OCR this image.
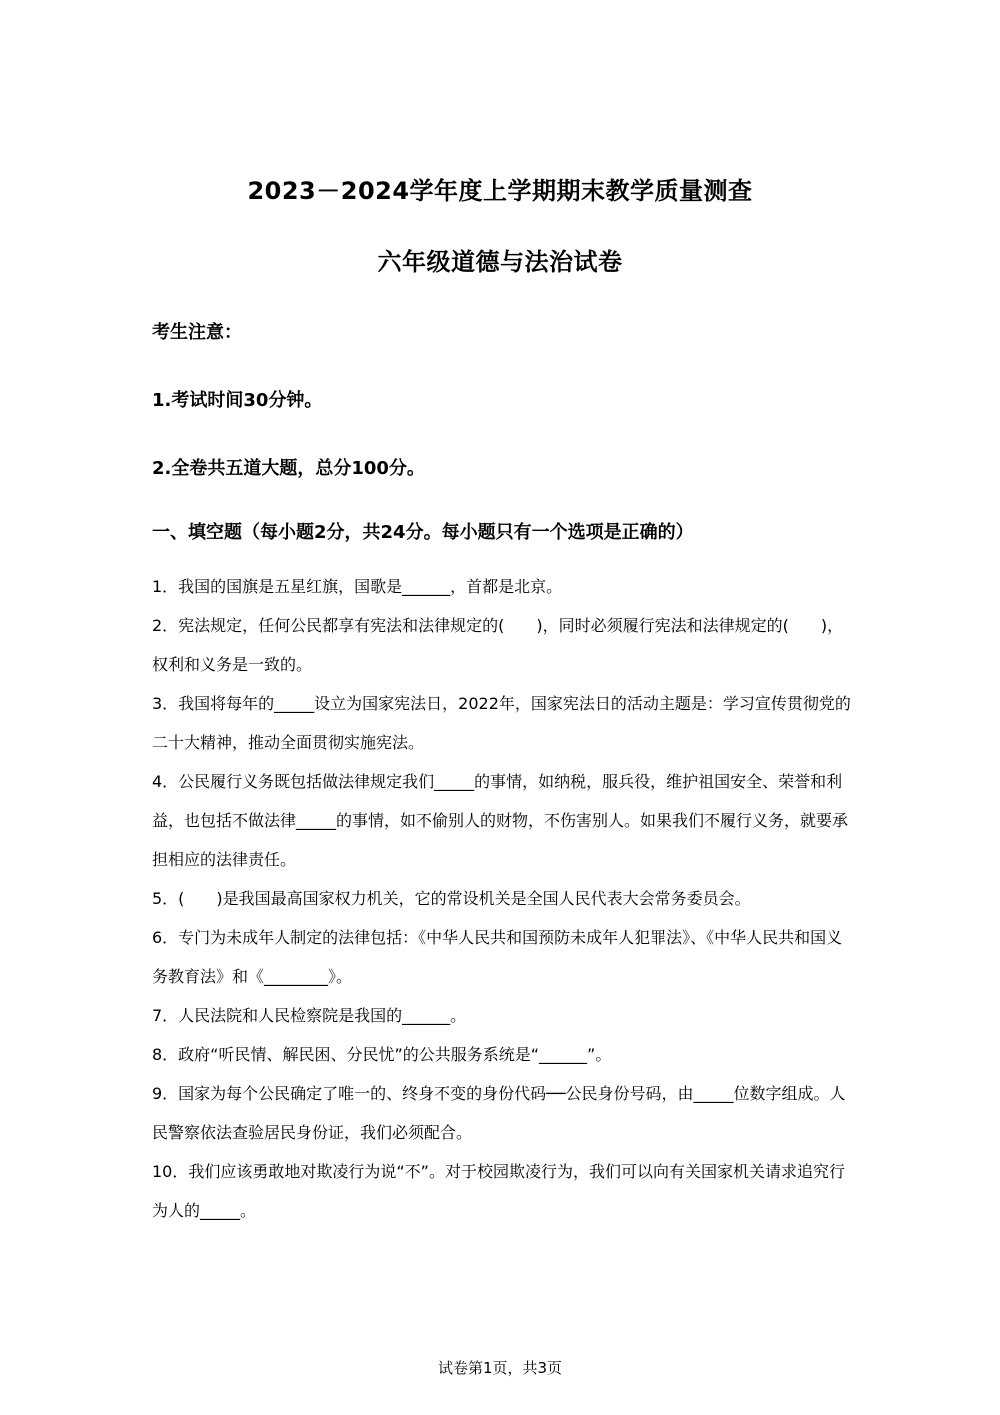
2023－2024学年度上学期期末教学质量测查
六年级道德与法治试卷
考生注意：
1.考试时间30分钟。
2.全卷共五道大题，总分100分。
一、填空题（每小题2分，共24分。每小题只有一个选项是正确的）

1．我国的国旗是五星红旗，国歌是______，首都是北京。

2．宪法规定，任何公民都享有宪法和法律规定的(　　)，同时必须履行宪法和法律规定的(　　)，权利和义务是一致的。

3．我国将每年的_____设立为国家宪法日，2022年，国家宪法日的活动主题是：学习宣传贯彻党的二十大精神，推动全面贯彻实施宪法。

4．公民履行义务既包括做法律规定我们_____的事情，如纳税，服兵役，维护祖国安全、荣誉和利益，也包括不做法律_____的事情，如不偷别人的财物，不伤害别人。如果我们不履行义务，就要承担相应的法律责任。

5．(　　)是我国最高国家权力机关，它的常设机关是全国人民代表大会常务委员会。

6．专门为未成年人制定的法律包括：《中华人民共和国预防未成年人犯罪法》、《中华人民共和国义务教育法》和《________》。

7．人民法院和人民检察院是我国的______。

8．政府“听民情、解民困、分民忧”的公共服务系统是“______”。

9．国家为每个公民确定了唯一的、终身不变的身份代码──公民身份号码，由_____位数字组成。人民警察依法查验居民身份证，我们必须配合。

10．我们应该勇敢地对欺凌行为说“不”。对于校园欺凌行为，我们可以向有关国家机关请求追究行为人的_____。

试卷第1页，共3页
